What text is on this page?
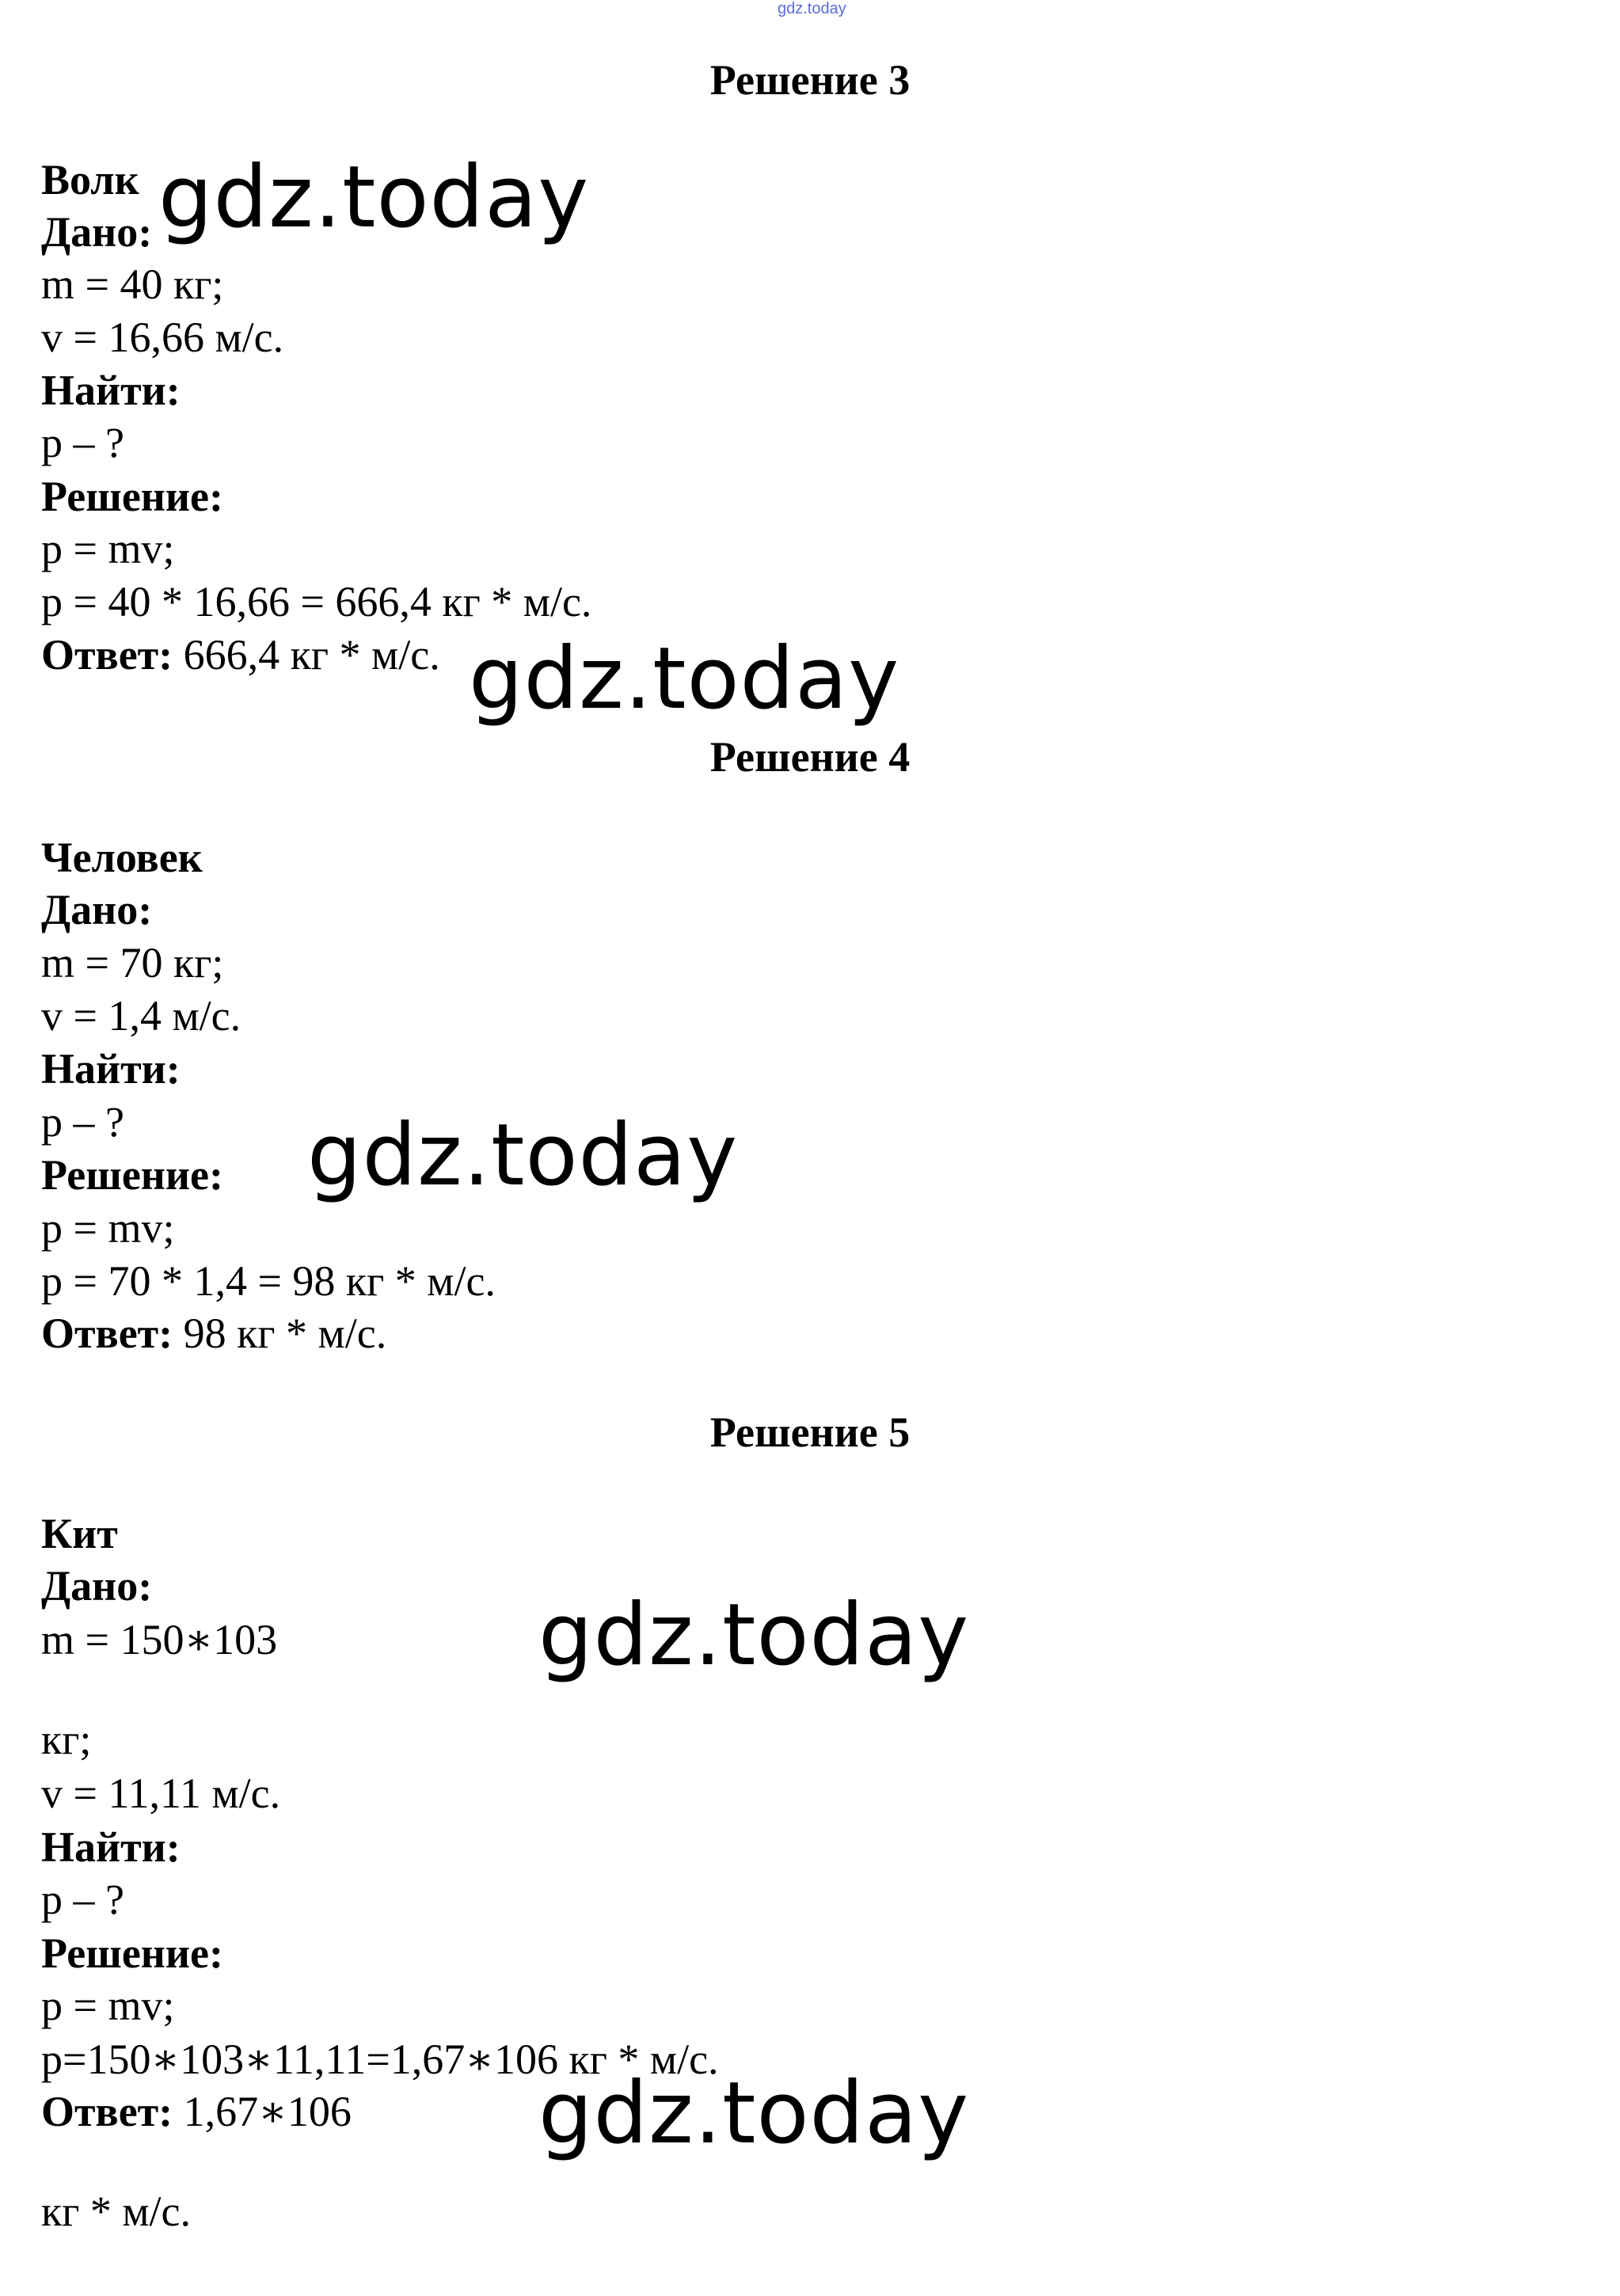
gdz.today
Решение 3
Волк
Дано:
m = 40 кг;
v = 16,66 м/с.
Найти:
p – ?
Решение:
p = mv;
p = 40 * 16,66 = 666,4 кг * м/с.
Ответ: 666,4 кг * м/с.
gdz.today
gdz.today
Решение 4
Человек
Дано:
m = 70 кг;
v = 1,4 м/с.
Найти:
p – ?
Решение:
p = mv;
p = 70 * 1,4 = 98 кг * м/с.
Ответ: 98 кг * м/с.
gdz.today
Решение 5
Кит
Дано:
m = 150∗103
кг;
v = 11,11 м/с.
Найти:
p – ?
Решение:
p = mv;
p=150∗103∗11,11=1,67∗106 кг * м/с.
Ответ: 1,67∗106
кг * м/с.
gdz.today
gdz.today
